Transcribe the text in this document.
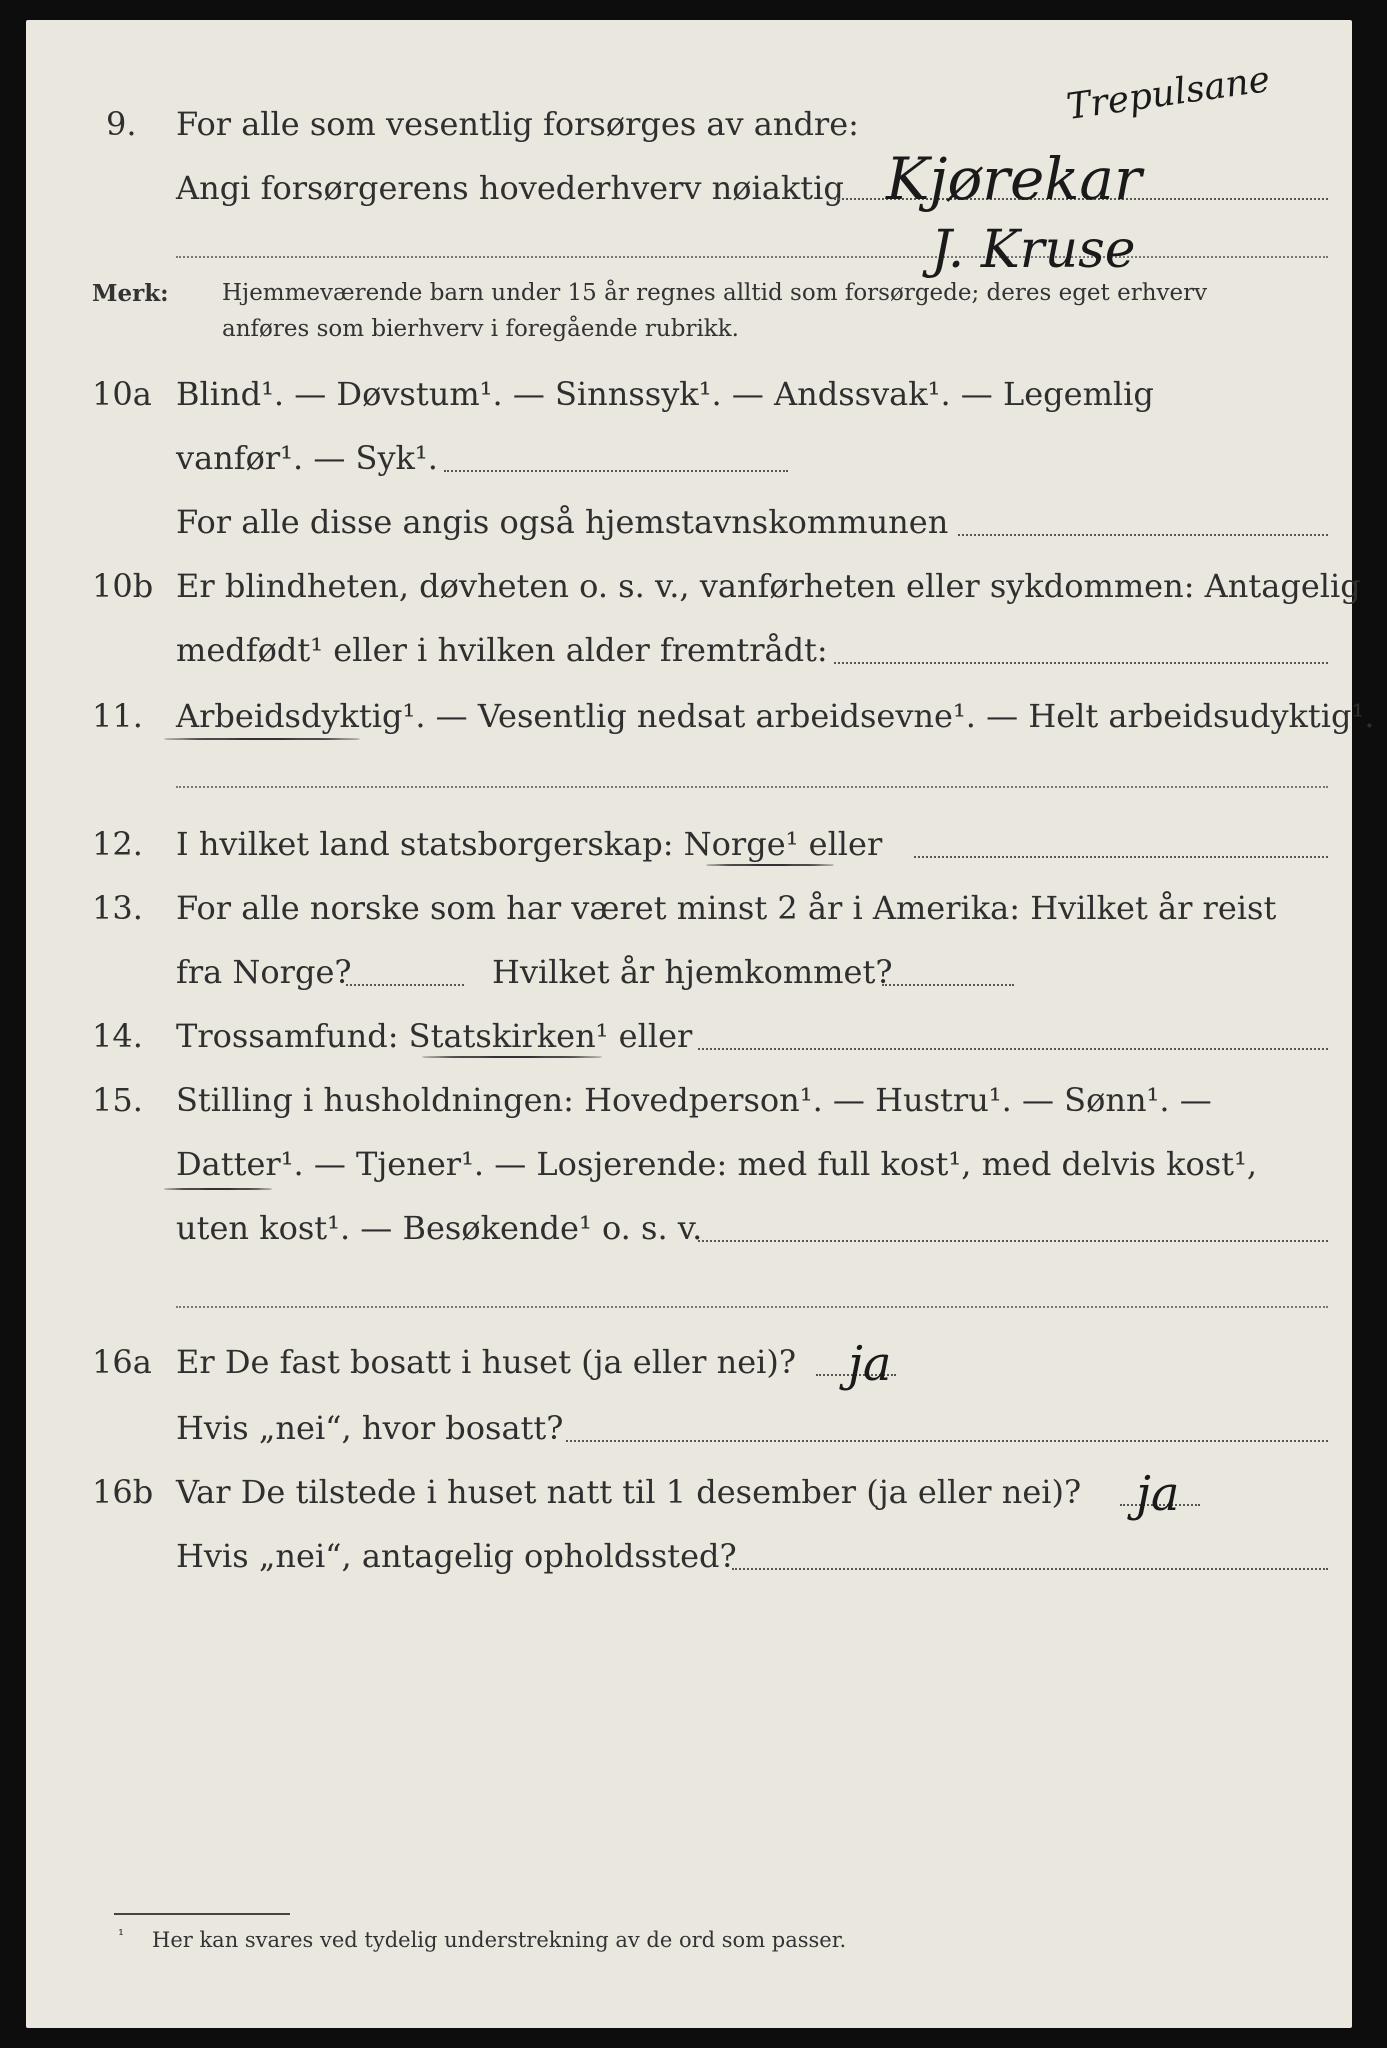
9. For alle som vesentlig forsørges av andre:
Angi forsørgerens hovederhverv nøiaktig
Trepulsane
Kjørekar
J. Kruse
Merk: Hjemmeværende barn under 15 år regnes alltid som forsørgede; deres eget erhverv
anføres som bierhverv i foregående rubrikk.
10a Blind¹. — Døvstum¹. — Sinnssyk¹. — Andssvak¹. — Legemlig
vanfør¹. — Syk¹.
For alle disse angis også hjemstavnskommunen
10b Er blindheten, døvheten o. s. v., vanførheten eller sykdommen: Antagelig
medfødt¹ eller i hvilken alder fremtrådt:
11. Arbeidsdyktig¹. — Vesentlig nedsat arbeidsevne¹. — Helt arbeidsudyktig¹.
12. I hvilket land statsborgerskap: Norge¹ eller
13. For alle norske som har været minst 2 år i Amerika: Hvilket år reist
fra Norge?	Hvilket år hjemkommet?
14. Trossamfund: Statskirken¹ eller
15. Stilling i husholdningen: Hovedperson¹. — Hustru¹. — Sønn¹. —
Datter¹. — Tjener¹. — Losjerende: med full kost¹, med delvis kost¹,
uten kost¹. — Besøkende¹ o. s. v.
16a Er De fast bosatt i huset (ja eller nei)? ja
Hvis „nei“, hvor bosatt?
16b Var De tilstede i huset natt til 1 desember (ja eller nei)? ja
Hvis „nei“, antagelig opholdssted?
¹ Her kan svares ved tydelig understrekning av de ord som passer.
